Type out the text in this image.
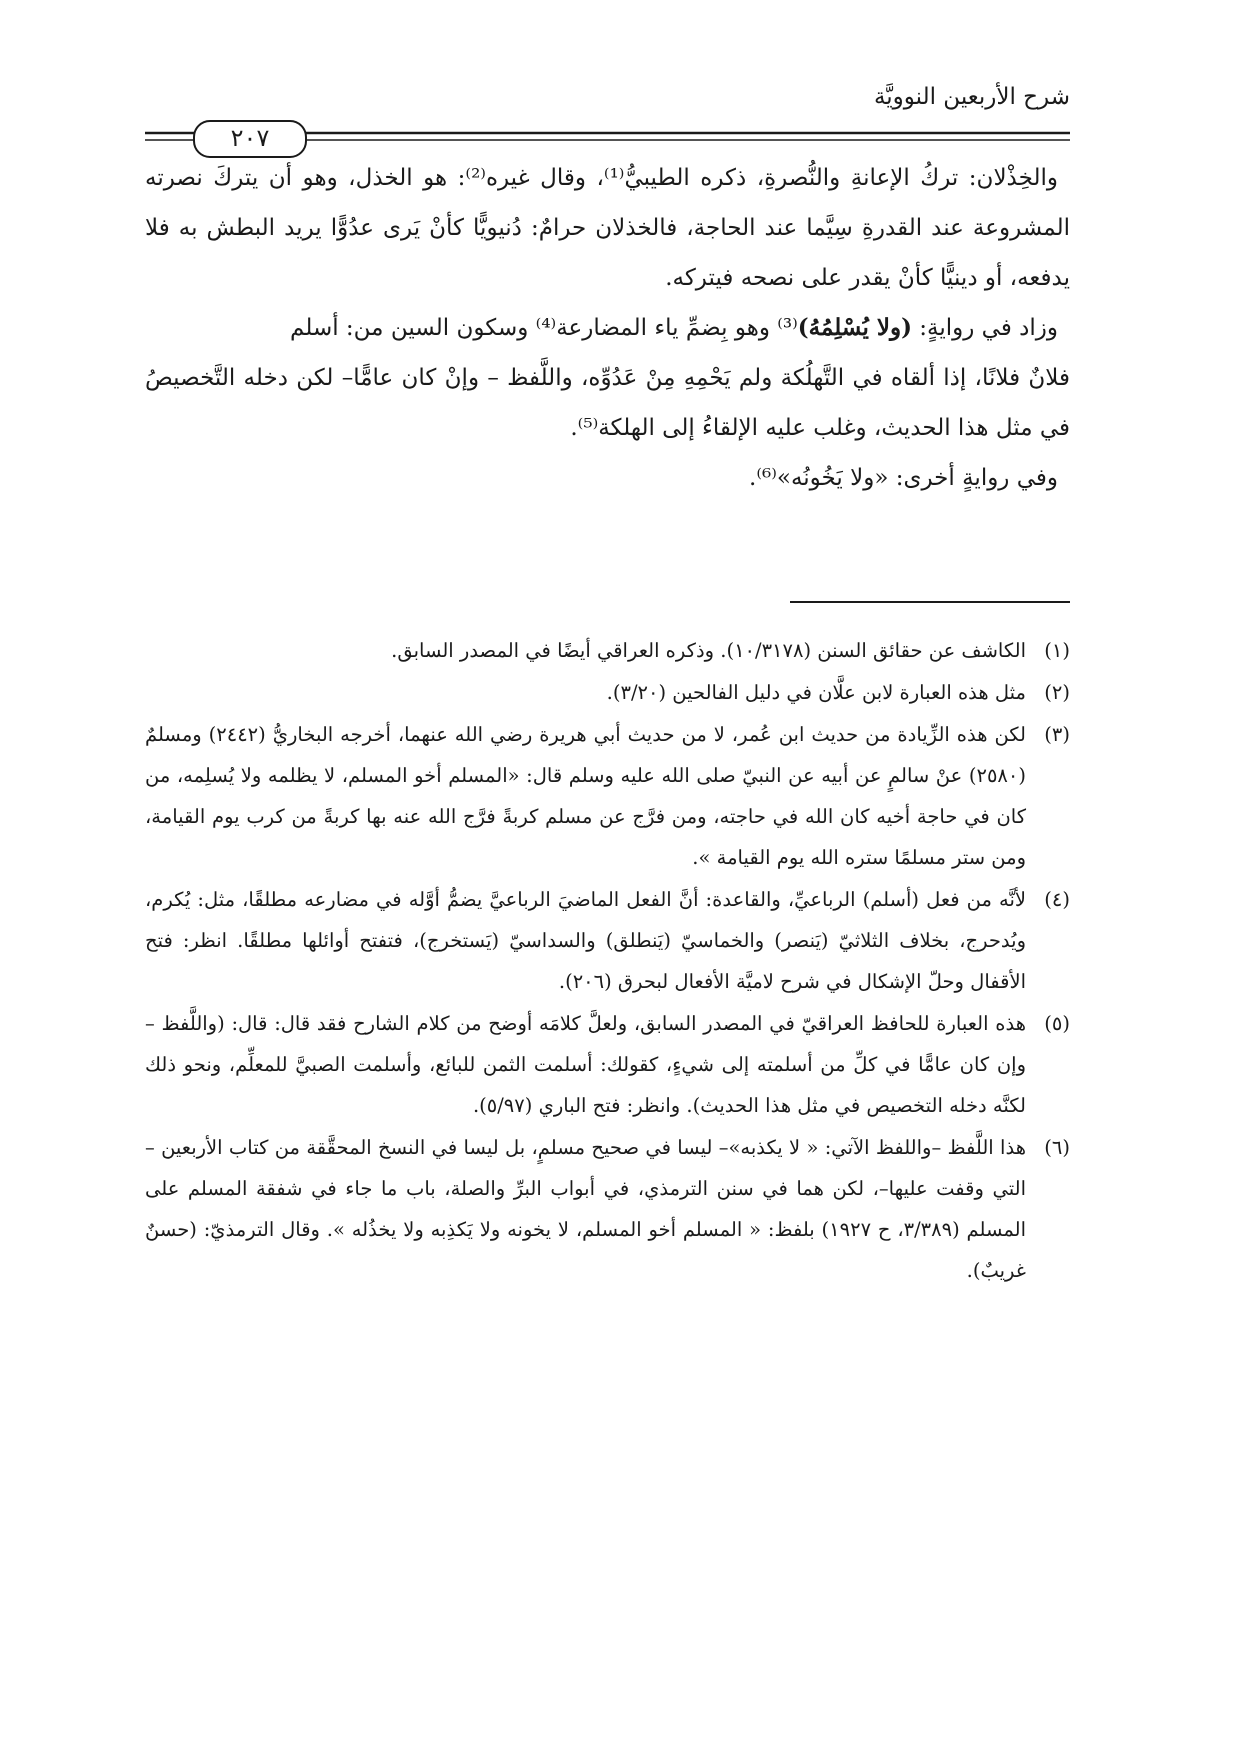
شرح الأربعين النوويَّة
٢٠٧

والخِذْلان: تركُ الإعانةِ والنُّصرةِ، ذكره الطيبيُّ⁽¹⁾، وقال غيره⁽²⁾: هو الخذل، وهو أن يتركَ نصرته المشروعة عند القدرةِ سِيَّما عند الحاجة، فالخذلان حرامٌ: دُنيويًّا كأنْ يَرى عدُوًّا يريد البطش به فلا يدفعه، أو دينيًّا كأنْ يقدر على نصحه فيتركه.

وزاد في روايةٍ: (ولا يُسْلِمُهُ)⁽³⁾ وهو بِضمِّ ياء المضارعة⁽⁴⁾ وسكون السين من: أسلم

فلانٌ فلانًا، إذا ألقاه في التَّهلُكة ولم يَحْمِهِ مِنْ عَدُوِّه، واللَّفظ – وإنْ كان عامًّا– لكن دخله التَّخصيصُ في مثل هذا الحديث، وغلب عليه الإلقاءُ إلى الهلكة⁽⁵⁾.

وفي روايةٍ أخرى: «ولا يَخُونُه»⁽⁶⁾.

(١)
الكاشف عن حقائق السنن (١٠/٣١٧٨). وذكره العراقي أيضًا في المصدر السابق.
(٢)
مثل هذه العبارة لابن علَّان في دليل الفالحين (٣/٢٠).
(٣)
لكن هذه الزِّيادة من حديث ابن عُمر، لا من حديث أبي هريرة رضي الله عنهما، أخرجه البخاريُّ (٢٤٤٢) ومسلمٌ (٢٥٨٠) عنْ سالمٍ عن أبيه عن النبيّ صلى الله عليه وسلم قال: «المسلم أخو المسلم، لا يظلمه ولا يُسلِمه، من كان في حاجة أخيه كان الله في حاجته، ومن فرَّج عن مسلم كربةً فرَّج الله عنه بها كربةً من كرب يوم القيامة، ومن ستر مسلمًا ستره الله يوم القيامة ».
(٤)
لأنَّه من فعل (أسلم) الرباعيِّ، والقاعدة: أنَّ الفعل الماضيَ الرباعيَّ يضمُّ أوَّله في مضارعه مطلقًا، مثل: يُكرم، ويُدحرج، بخلاف الثلاثيّ (يَنصر) والخماسيّ (يَنطلق) والسداسيّ (يَستخرج)، فتفتح أوائلها مطلقًا. انظر: فتح الأقفال وحلّ الإشكال في شرح لاميَّة الأفعال لبحرق (٢٠٦).
(٥)
هذه العبارة للحافظ العراقيّ في المصدر السابق، ولعلَّ كلامَه أوضح من كلام الشارح فقد قال: قال: (واللَّفظ –وإن كان عامًّا في كلِّ من أسلمته إلى شيءٍ، كقولك: أسلمت الثمن للبائع، وأسلمت الصبيَّ للمعلِّم، ونحو ذلك لكنَّه دخله التخصيص في مثل هذا الحديث). وانظر: فتح الباري (٥/٩٧).
(٦)
هذا اللَّفظ –واللفظ الآتي: « لا يكذبه»– ليسا في صحيح مسلمٍ، بل ليسا في النسخ المحقَّقة من كتاب الأربعين –التي وقفت عليها–، لكن هما في سنن الترمذي، في أبواب البرِّ والصلة، باب ما جاء في شفقة المسلم على المسلم (٣/٣٨٩، ح ١٩٢٧) بلفظ: « المسلم أخو المسلم، لا يخونه ولا يَكذِبه ولا يخذُله ». وقال الترمذيّ: (حسنٌ غريبٌ).
